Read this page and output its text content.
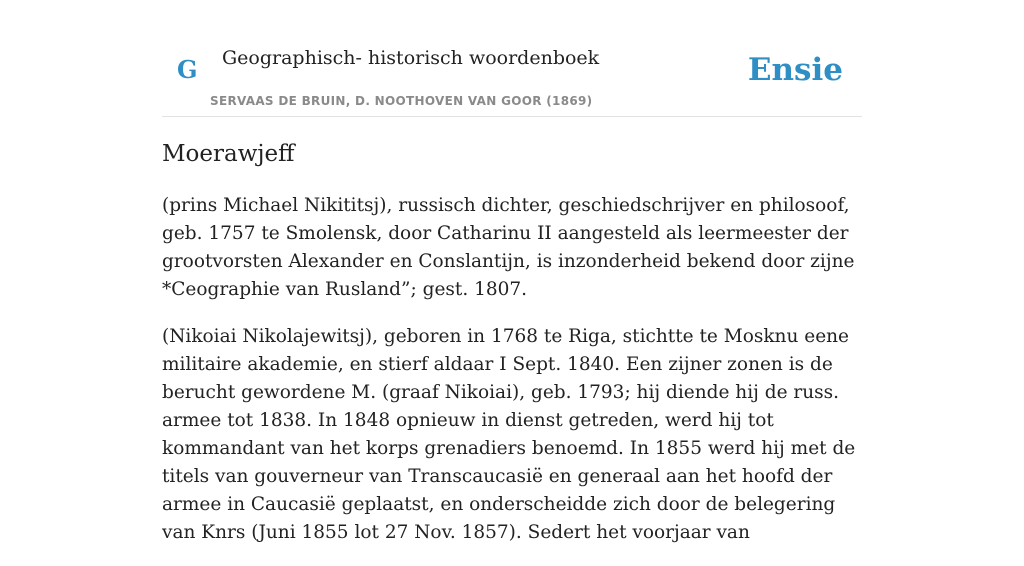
G Geographisch- historisch woordenboek
SERVAAS DE BRUIN, D. NOOTHOVEN VAN GOOR (1869)
Ensie
Moerawjeff

(prins Michael Nikititsj), russisch dichter, geschiedschrijver en philosoof, geb. 1757 te Smolensk, door Catharinu II aangesteld als leermeester der grootvorsten Alexander en Conslantijn, is inzonderheid bekend door zijne *Ceographie van Rusland”; gest. 1807.

(Nikoiai Nikolajewitsj), geboren in 1768 te Riga, stichtte te Mosknu eene militaire akademie, en stierf aldaar I Sept. 1840. Een zijner zonen is de berucht gewordene M. (graaf Nikoiai), geb. 1793; hij diende hij de russ. armee tot 1838. In 1848 opnieuw in dienst getreden, werd hij tot kommandant van het korps grenadiers benoemd. In 1855 werd hij met de titels van gouverneur van Transcaucasië en generaal aan het hoofd der armee in Caucasië geplaatst, en onderscheidde zich door de belegering van Knrs (Juni 1855 lot 27 Nov. 1857). Sedert het voorjaar van
